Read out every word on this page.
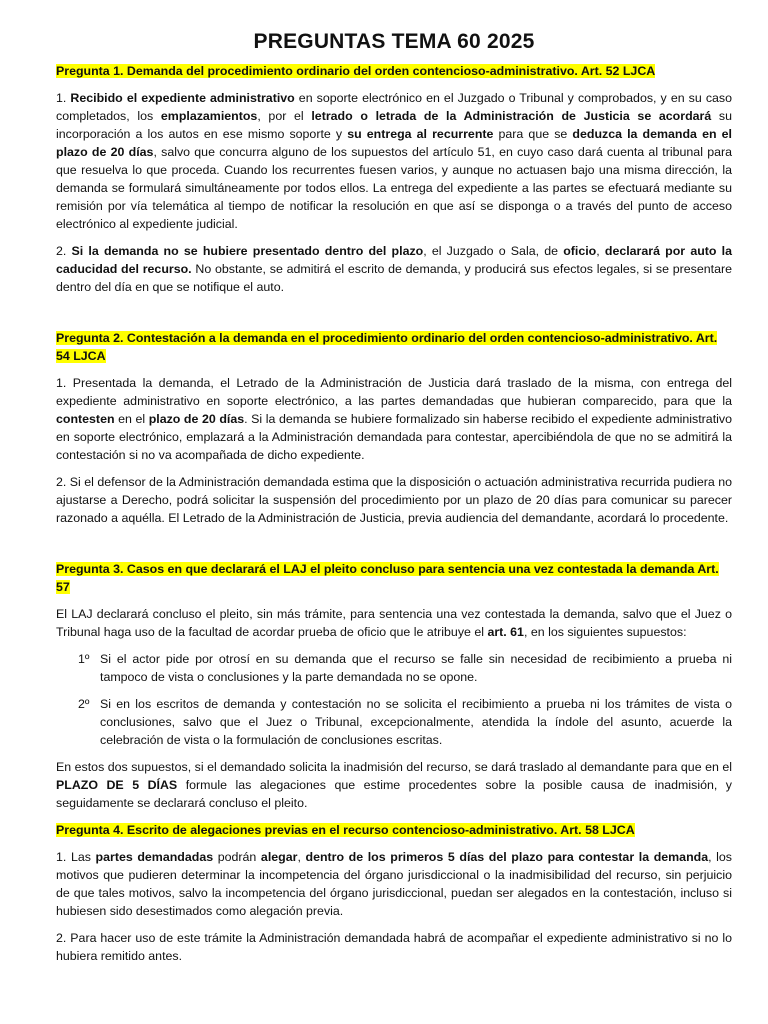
PREGUNTAS TEMA 60 2025
Pregunta 1. Demanda del procedimiento ordinario del orden contencioso-administrativo. Art. 52 LJCA

1. Recibido el expediente administrativo en soporte electrónico en el Juzgado o Tribunal y comprobados, y en su caso completados, los emplazamientos, por el letrado o letrada de la Administración de Justicia se acordará su incorporación a los autos en ese mismo soporte y su entrega al recurrente para que se deduzca la demanda en el plazo de 20 días, salvo que concurra alguno de los supuestos del artículo 51, en cuyo caso dará cuenta al tribunal para que resuelva lo que proceda. Cuando los recurrentes fuesen varios, y aunque no actuasen bajo una misma dirección, la demanda se formulará simultáneamente por todos ellos. La entrega del expediente a las partes se efectuará mediante su remisión por vía telemática al tiempo de notificar la resolución en que así se disponga o a través del punto de acceso electrónico al expediente judicial.

2. Si la demanda no se hubiere presentado dentro del plazo, el Juzgado o Sala, de oficio, declarará por auto la caducidad del recurso. No obstante, se admitirá el escrito de demanda, y producirá sus efectos legales, si se presentare dentro del día en que se notifique el auto.

Pregunta 2. Contestación a la demanda en el procedimiento ordinario del orden contencioso-administrativo. Art. 54 LJCA

1. Presentada la demanda, el Letrado de la Administración de Justicia dará traslado de la misma, con entrega del expediente administrativo en soporte electrónico, a las partes demandadas que hubieran comparecido, para que la contesten en el plazo de 20 días. Si la demanda se hubiere formalizado sin haberse recibido el expediente administrativo en soporte electrónico, emplazará a la Administración demandada para contestar, apercibiéndola de que no se admitirá la contestación si no va acompañada de dicho expediente.

2. Si el defensor de la Administración demandada estima que la disposición o actuación administrativa recurrida pudiera no ajustarse a Derecho, podrá solicitar la suspensión del procedimiento por un plazo de 20 días para comunicar su parecer razonado a aquélla. El Letrado de la Administración de Justicia, previa audiencia del demandante, acordará lo procedente.

Pregunta 3. Casos en que declarará el LAJ el pleito concluso para sentencia una vez contestada la demanda Art. 57

El LAJ declarará concluso el pleito, sin más trámite, para sentencia una vez contestada la demanda, salvo que el Juez o Tribunal haga uso de la facultad de acordar prueba de oficio que le atribuye el art. 61, en los siguientes supuestos:

1º Si el actor pide por otrosí en su demanda que el recurso se falle sin necesidad de recibimiento a prueba ni tampoco de vista o conclusiones y la parte demandada no se opone.
2º Si en los escritos de demanda y contestación no se solicita el recibimiento a prueba ni los trámites de vista o conclusiones, salvo que el Juez o Tribunal, excepcionalmente, atendida la índole del asunto, acuerde la celebración de vista o la formulación de conclusiones escritas.

En estos dos supuestos, si el demandado solicita la inadmisión del recurso, se dará traslado al demandante para que en el PLAZO DE 5 DÍAS formule las alegaciones que estime procedentes sobre la posible causa de inadmisión, y seguidamente se declarará concluso el pleito.

Pregunta 4. Escrito de alegaciones previas en el recurso contencioso-administrativo. Art. 58 LJCA

1. Las partes demandadas podrán alegar, dentro de los primeros 5 días del plazo para contestar la demanda, los motivos que pudieren determinar la incompetencia del órgano jurisdiccional o la inadmisibilidad del recurso, sin perjuicio de que tales motivos, salvo la incompetencia del órgano jurisdiccional, puedan ser alegados en la contestación, incluso si hubiesen sido desestimados como alegación previa.

2. Para hacer uso de este trámite la Administración demandada habrá de acompañar el expediente administrativo si no lo hubiera remitido antes.
